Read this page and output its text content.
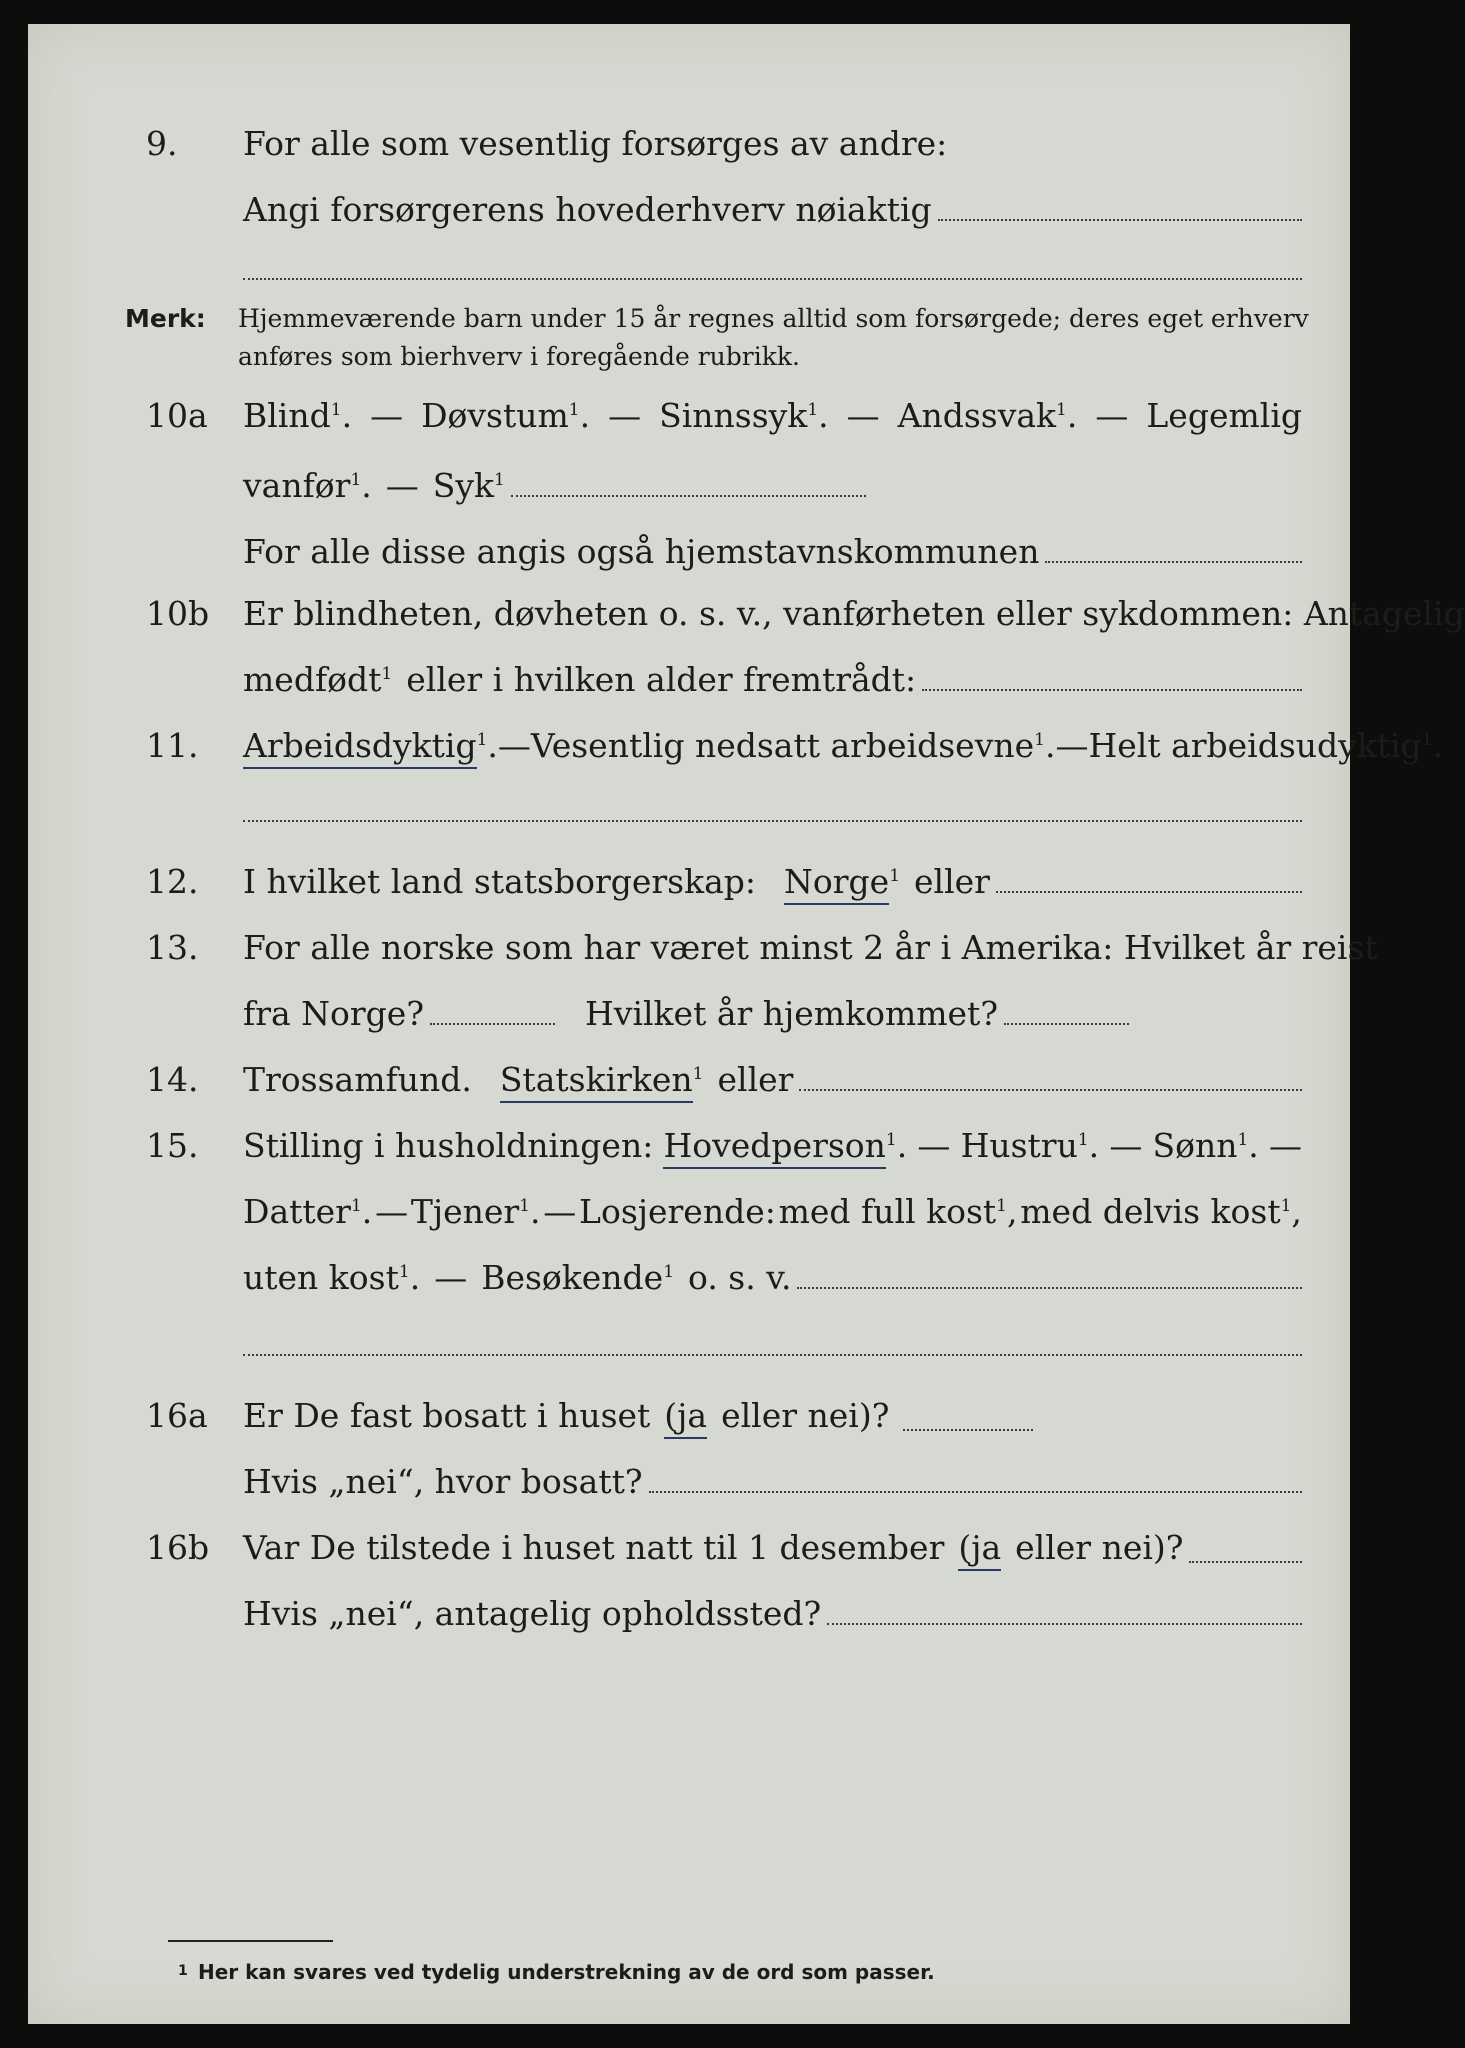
9. For alle som vesentlig forsørges av andre:
Angi forsørgerens hovederhverv nøiaktig
Merk: Hjemmeværende barn under 15 år regnes alltid som forsørgede; deres eget erhverv
anføres som bierhverv i foregående rubrikk.
10a Blind$^1$. — Døvstum$^1$. — Sinnssyk$^1$. — Andssvak$^1$. — Legemlig
vanfør$^1$. — Syk$^1$
For alle disse angis også hjemstavnskommunen
10b Er blindheten, døvheten o. s. v., vanførheten eller sykdommen: Antagelig
medfødt$^1$ eller i hvilken alder fremtrådt:
11. Arbeidsdyktig$^1$. — Vesentlig nedsatt arbeidsevne$^1$. — Helt arbeidsudyktig$^1$.
12. I hvilket land statsborgerskap: Norge$^1$ eller
13. For alle norske som har været minst 2 år i Amerika: Hvilket år reist
fra Norge?	Hvilket år hjemkommet?
14. Trossamfund. Statskirken$^1$ eller
15. Stilling i husholdningen: Hovedperson$^1$. — Hustru$^1$. — Sønn$^1$. —
Datter$^1$. — Tjener$^1$. — Losjerende: med full kost$^1$, med delvis kost$^1$,
uten kost$^1$. — Besøkende$^1$ o. s. v.
16a Er De fast bosatt i huset (ja eller nei)?
Hvis „nei“, hvor bosatt?
16b Var De tilstede i huset natt til 1 desember (ja eller nei)?
Hvis „nei“, antagelig opholdssted?
1 Her kan svares ved tydelig understrekning av de ord som passer.
